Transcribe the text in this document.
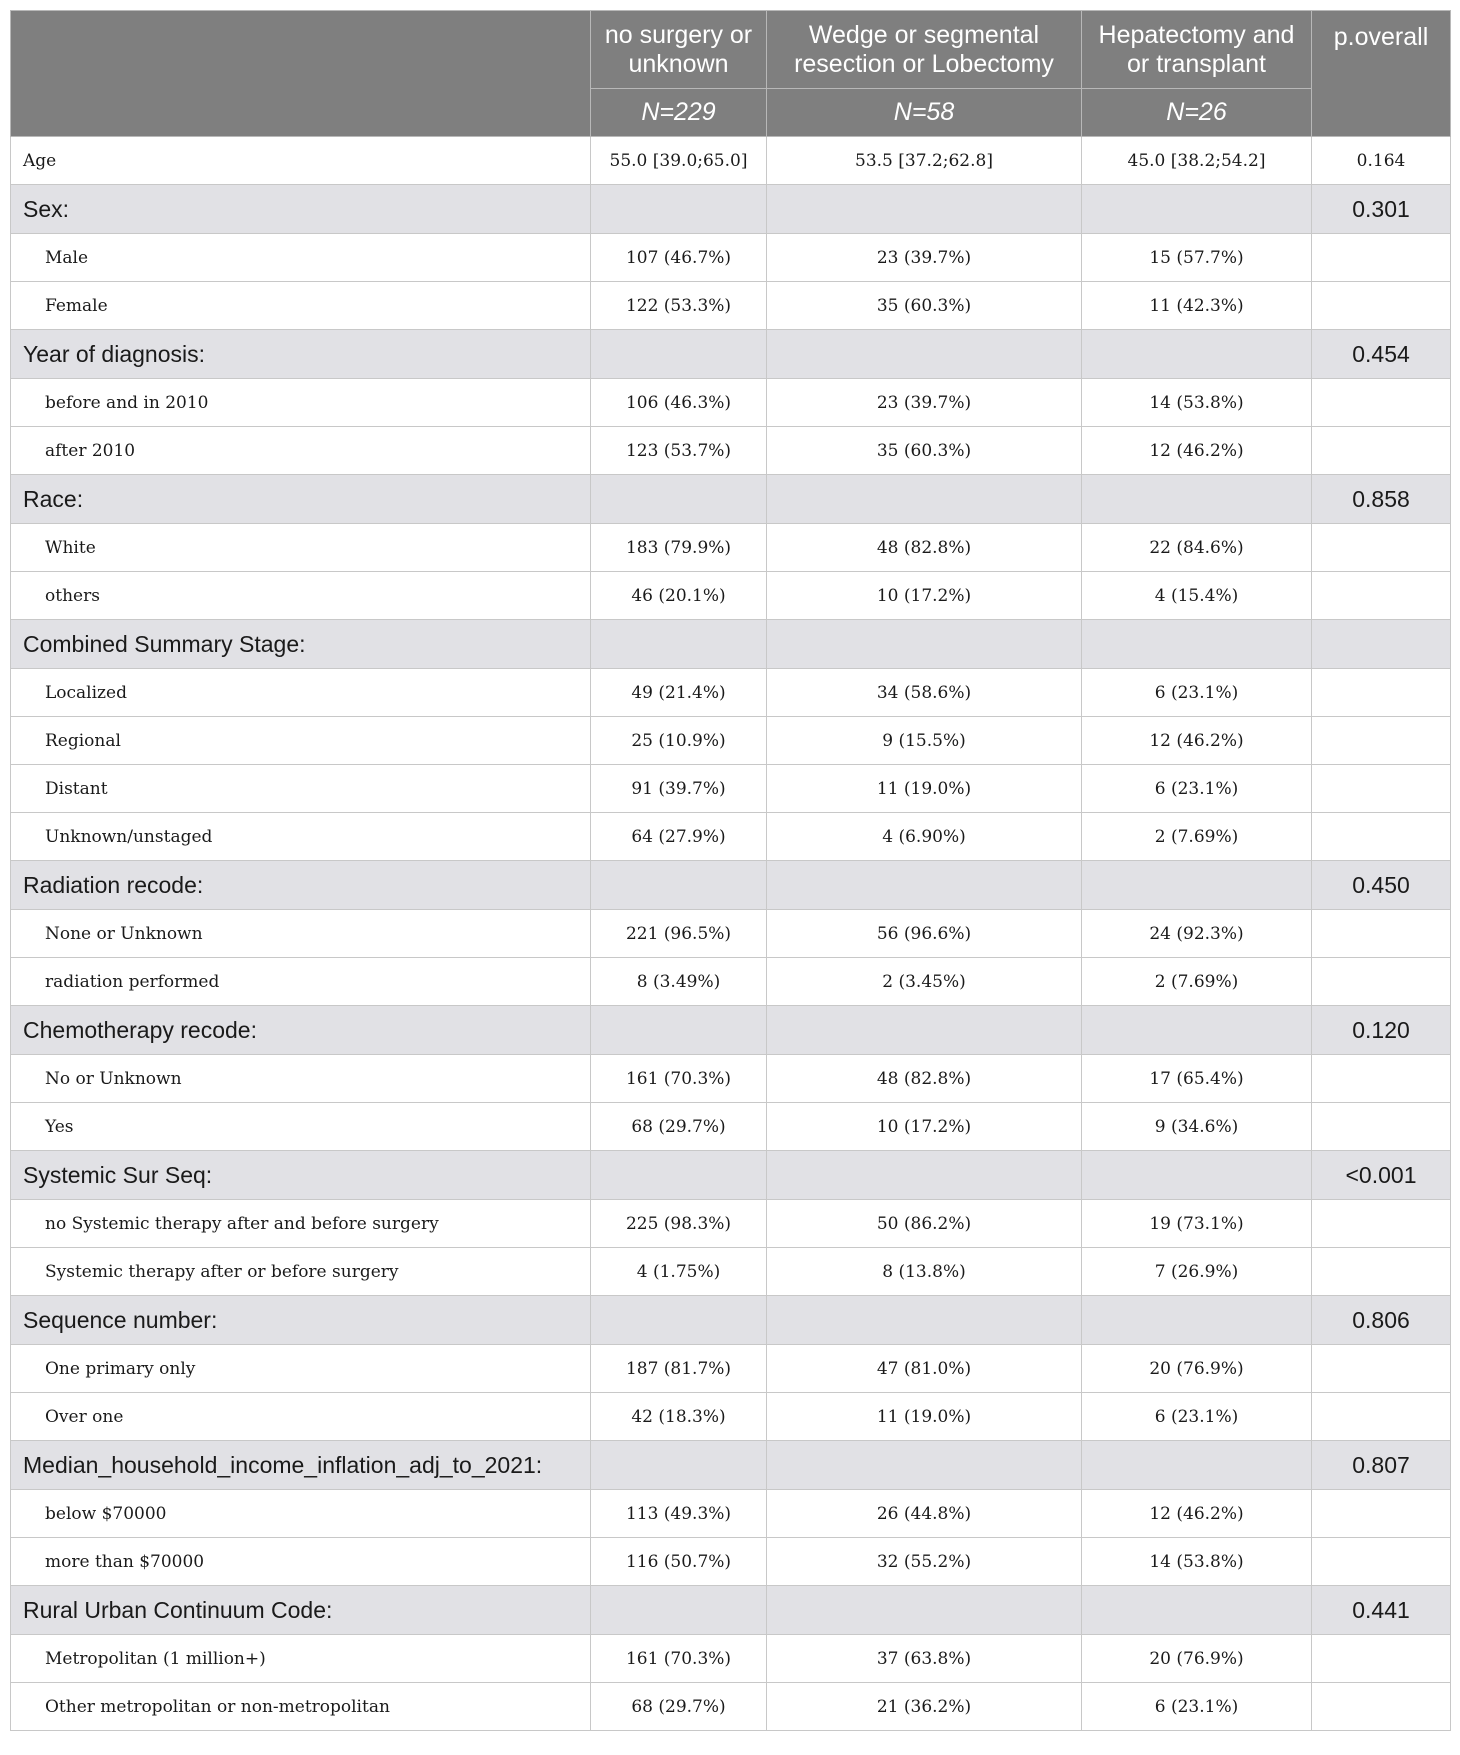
	no surgery or unknown	Wedge or segmental resection or Lobectomy	Hepatectomy and or transplant	p.overall
	N=229	N=58	N=26	
Age	55.0 [39.0;65.0]	53.5 [37.2;62.8]	45.0 [38.2;54.2]	0.164
Sex:				0.301
Male	107 (46.7%)	23 (39.7%)	15 (57.7%)	
Female	122 (53.3%)	35 (60.3%)	11 (42.3%)	
Year of diagnosis:				0.454
before and in 2010	106 (46.3%)	23 (39.7%)	14 (53.8%)	
after 2010	123 (53.7%)	35 (60.3%)	12 (46.2%)	
Race:				0.858
White	183 (79.9%)	48 (82.8%)	22 (84.6%)	
others	46 (20.1%)	10 (17.2%)	4 (15.4%)	
Combined Summary Stage:				
Localized	49 (21.4%)	34 (58.6%)	6 (23.1%)	
Regional	25 (10.9%)	9 (15.5%)	12 (46.2%)	
Distant	91 (39.7%)	11 (19.0%)	6 (23.1%)	
Unknown/unstaged	64 (27.9%)	4 (6.90%)	2 (7.69%)	
Radiation recode:				0.450
None or Unknown	221 (96.5%)	56 (96.6%)	24 (92.3%)	
radiation performed	8 (3.49%)	2 (3.45%)	2 (7.69%)	
Chemotherapy recode:				0.120
No or Unknown	161 (70.3%)	48 (82.8%)	17 (65.4%)	
Yes	68 (29.7%)	10 (17.2%)	9 (34.6%)	
Systemic Sur Seq:				<0.001
no Systemic therapy after and before surgery	225 (98.3%)	50 (86.2%)	19 (73.1%)	
Systemic therapy after or before surgery	4 (1.75%)	8 (13.8%)	7 (26.9%)	
Sequence number:				0.806
One primary only	187 (81.7%)	47 (81.0%)	20 (76.9%)	
Over one	42 (18.3%)	11 (19.0%)	6 (23.1%)	
Median_household_income_inflation_adj_to_2021:				0.807
below $70000	113 (49.3%)	26 (44.8%)	12 (46.2%)	
more than $70000	116 (50.7%)	32 (55.2%)	14 (53.8%)	
Rural Urban Continuum Code:				0.441
Metropolitan (1 million+)	161 (70.3%)	37 (63.8%)	20 (76.9%)	
Other metropolitan or non-metropolitan	68 (29.7%)	21 (36.2%)	6 (23.1%)	
